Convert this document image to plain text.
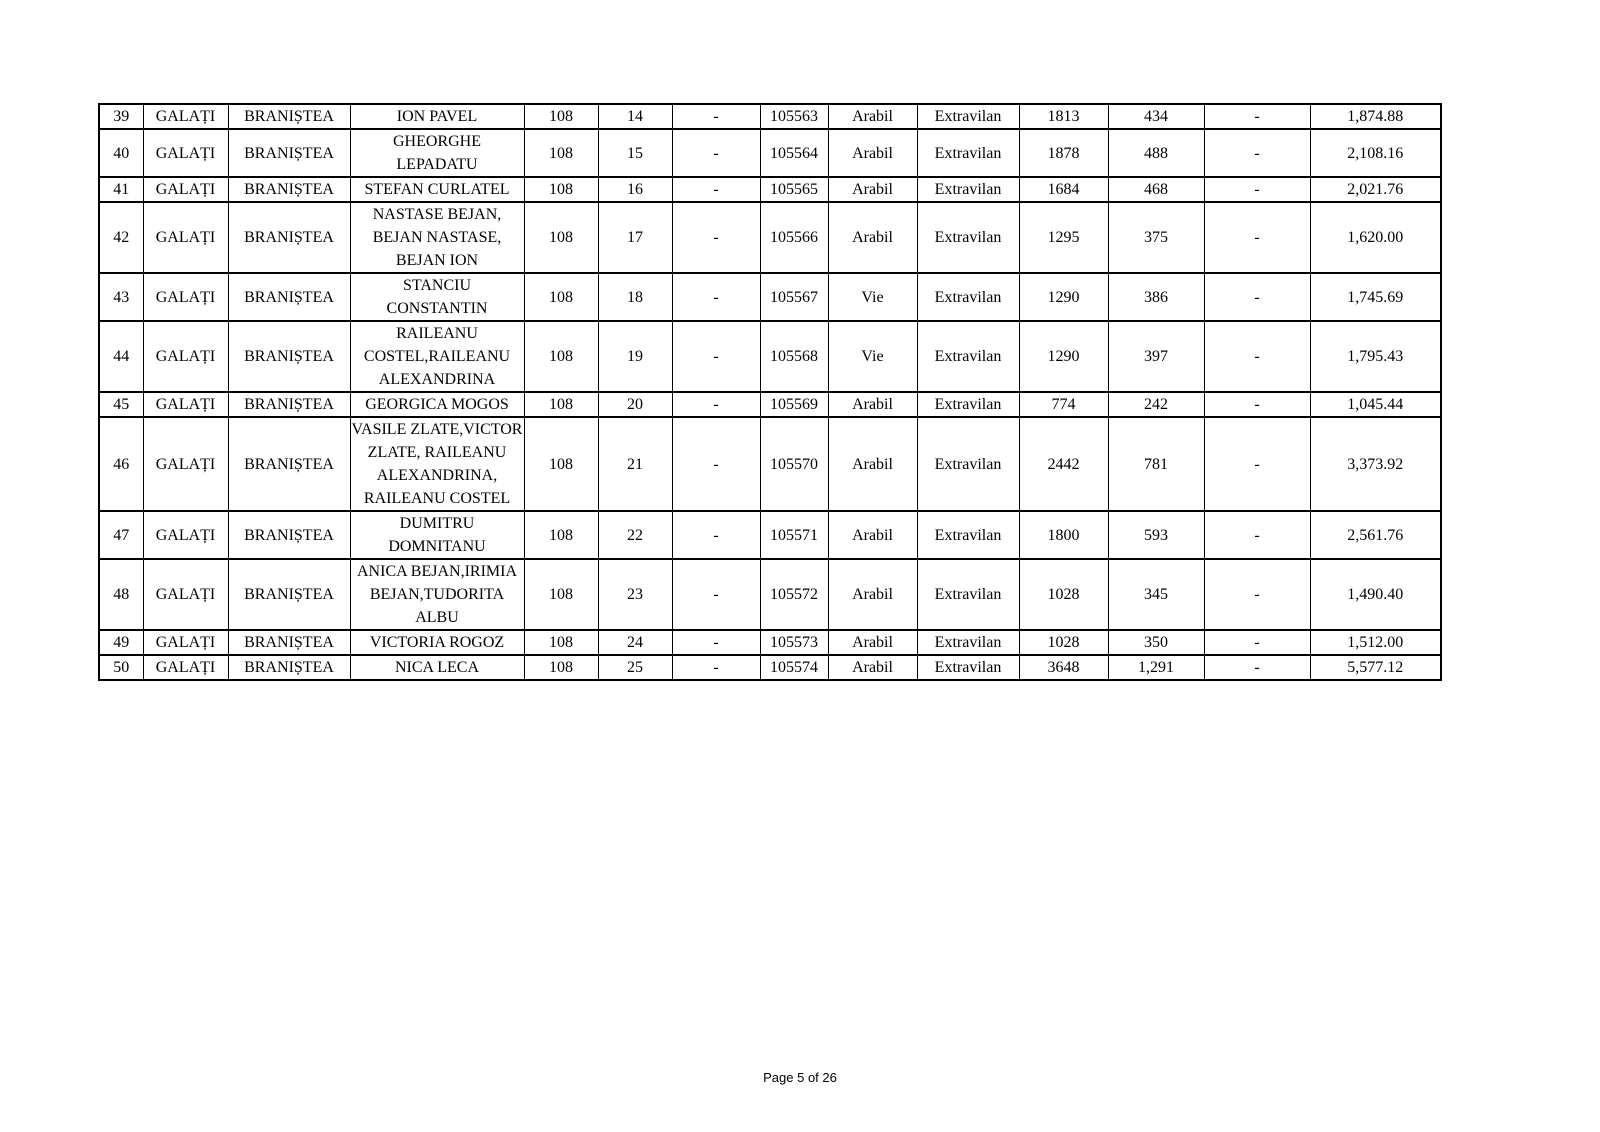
39	GALAȚI	BRANIȘTEA	ION PAVEL	108	14	-	105563	Arabil	Extravilan	1813	434	-	1,874.88
40	GALAȚI	BRANIȘTEA	GHEORGHE LEPADATU	108	15	-	105564	Arabil	Extravilan	1878	488	-	2,108.16
41	GALAȚI	BRANIȘTEA	STEFAN CURLATEL	108	16	-	105565	Arabil	Extravilan	1684	468	-	2,021.76
42	GALAȚI	BRANIȘTEA	NASTASE BEJAN, BEJAN NASTASE, BEJAN ION	108	17	-	105566	Arabil	Extravilan	1295	375	-	1,620.00
43	GALAȚI	BRANIȘTEA	STANCIU CONSTANTIN	108	18	-	105567	Vie	Extravilan	1290	386	-	1,745.69
44	GALAȚI	BRANIȘTEA	RAILEANU COSTEL,RAILEANU ALEXANDRINA	108	19	-	105568	Vie	Extravilan	1290	397	-	1,795.43
45	GALAȚI	BRANIȘTEA	GEORGICA MOGOS	108	20	-	105569	Arabil	Extravilan	774	242	-	1,045.44
46	GALAȚI	BRANIȘTEA	VASILE ZLATE,VICTOR ZLATE, RAILEANU ALEXANDRINA, RAILEANU COSTEL	108	21	-	105570	Arabil	Extravilan	2442	781	-	3,373.92
47	GALAȚI	BRANIȘTEA	DUMITRU DOMNITANU	108	22	-	105571	Arabil	Extravilan	1800	593	-	2,561.76
48	GALAȚI	BRANIȘTEA	ANICA BEJAN,IRIMIA BEJAN,TUDORITA ALBU	108	23	-	105572	Arabil	Extravilan	1028	345	-	1,490.40
49	GALAȚI	BRANIȘTEA	VICTORIA ROGOZ	108	24	-	105573	Arabil	Extravilan	1028	350	-	1,512.00
50	GALAȚI	BRANIȘTEA	NICA LECA	108	25	-	105574	Arabil	Extravilan	3648	1,291	-	5,577.12
Page 5 of 26
